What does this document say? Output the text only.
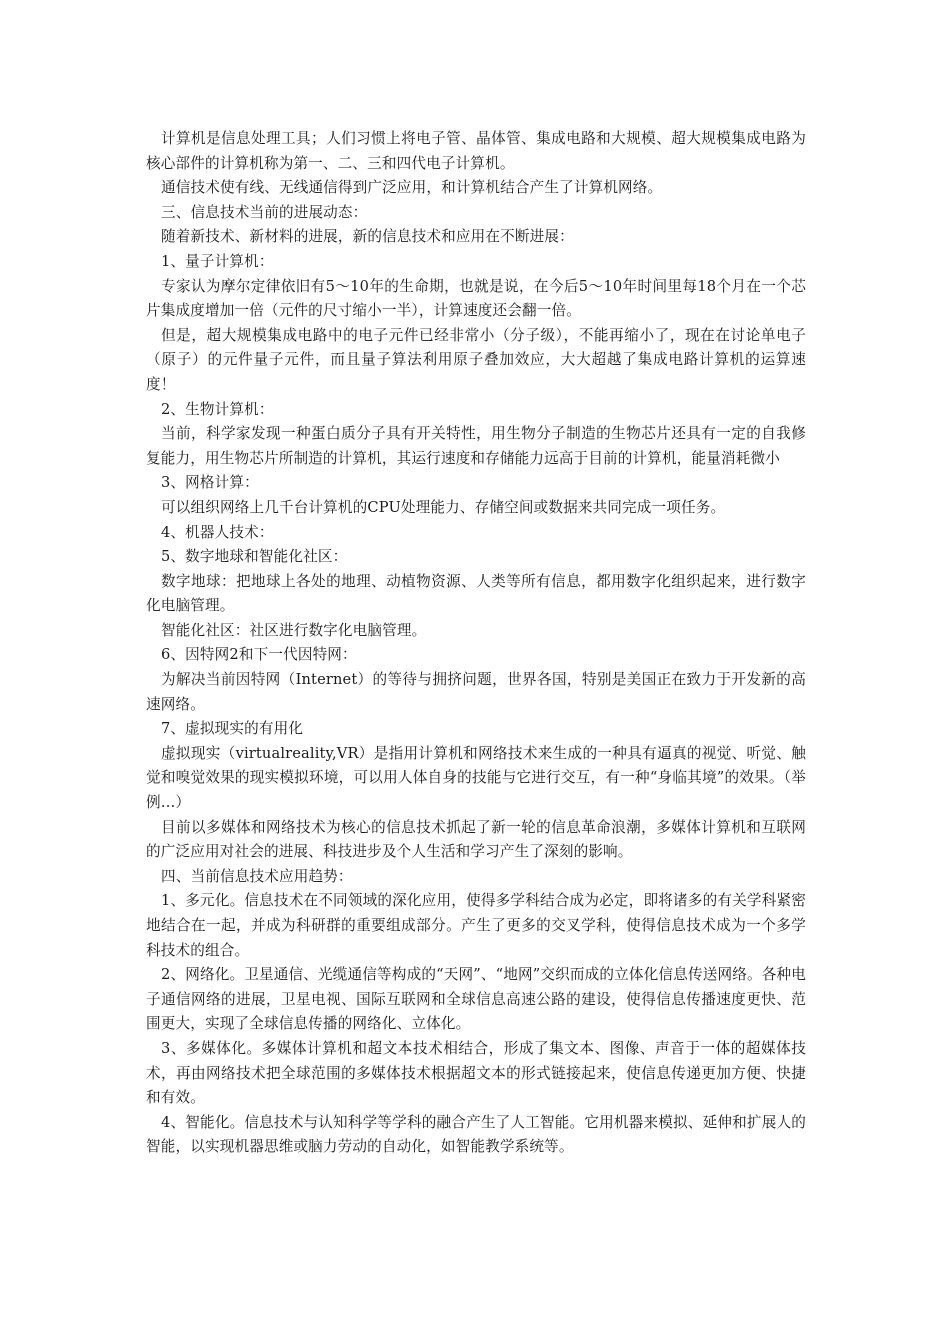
计算机是信息处理工具；人们习惯上将电子管、晶体管、集成电路和大规模、超大规模集成电路为核心部件的计算机称为第一、二、三和四代电子计算机。

通信技术使有线、无线通信得到广泛应用，和计算机结合产生了计算机网络。

三、信息技术当前的进展动态：

随着新技术、新材料的进展，新的信息技术和应用在不断进展：

1、量子计算机：

专家认为摩尔定律依旧有5～10年的生命期，也就是说，在今后5～10年时间里每18个月在一个芯片集成度增加一倍（元件的尺寸缩小一半），计算速度还会翻一倍。

但是，超大规模集成电路中的电子元件已经非常小（分子级），不能再缩小了，现在在讨论单电子（原子）的元件量子元件，而且量子算法利用原子叠加效应，大大超越了集成电路计算机的运算速度！

2、生物计算机：

当前，科学家发现一种蛋白质分子具有开关特性，用生物分子制造的生物芯片还具有一定的自我修复能力，用生物芯片所制造的计算机，其运行速度和存储能力远高于目前的计算机，能量消耗微小

3、网格计算：

可以组织网络上几千台计算机的CPU处理能力、存储空间或数据来共同完成一项任务。

4、机器人技术：

5、数字地球和智能化社区：

数字地球：把地球上各处的地理、动植物资源、人类等所有信息，都用数字化组织起来，进行数字化电脑管理。

智能化社区：社区进行数字化电脑管理。

6、因特网2和下一代因特网：

为解决当前因特网（Internet）的等待与拥挤问题，世界各国，特别是美国正在致力于开发新的高速网络。

7、虚拟现实的有用化

虚拟现实（virtualreality,VR）是指用计算机和网络技术来生成的一种具有逼真的视觉、听觉、触觉和嗅觉效果的现实模拟环境，可以用人体自身的技能与它进行交互，有一种“身临其境”的效果。（举例…）

目前以多媒体和网络技术为核心的信息技术抓起了新一轮的信息革命浪潮，多媒体计算机和互联网的广泛应用对社会的进展、科技进步及个人生活和学习产生了深刻的影响。

四、当前信息技术应用趋势：

1、多元化。信息技术在不同领域的深化应用，使得多学科结合成为必定，即将诸多的有关学科紧密地结合在一起，并成为科研群的重要组成部分。产生了更多的交叉学科，使得信息技术成为一个多学科技术的组合。

2、网络化。卫星通信、光缆通信等构成的“天网”、“地网”交织而成的立体化信息传送网络。各种电子通信网络的进展，卫星电视、国际互联网和全球信息高速公路的建设，使得信息传播速度更快、范围更大，实现了全球信息传播的网络化、立体化。

3、多媒体化。多媒体计算机和超文本技术相结合，形成了集文本、图像、声音于一体的超媒体技术，再由网络技术把全球范围的多媒体技术根据超文本的形式链接起来，使信息传递更加方便、快捷和有效。

4、智能化。信息技术与认知科学等学科的融合产生了人工智能。它用机器来模拟、延伸和扩展人的智能，以实现机器思维或脑力劳动的自动化，如智能教学系统等。
